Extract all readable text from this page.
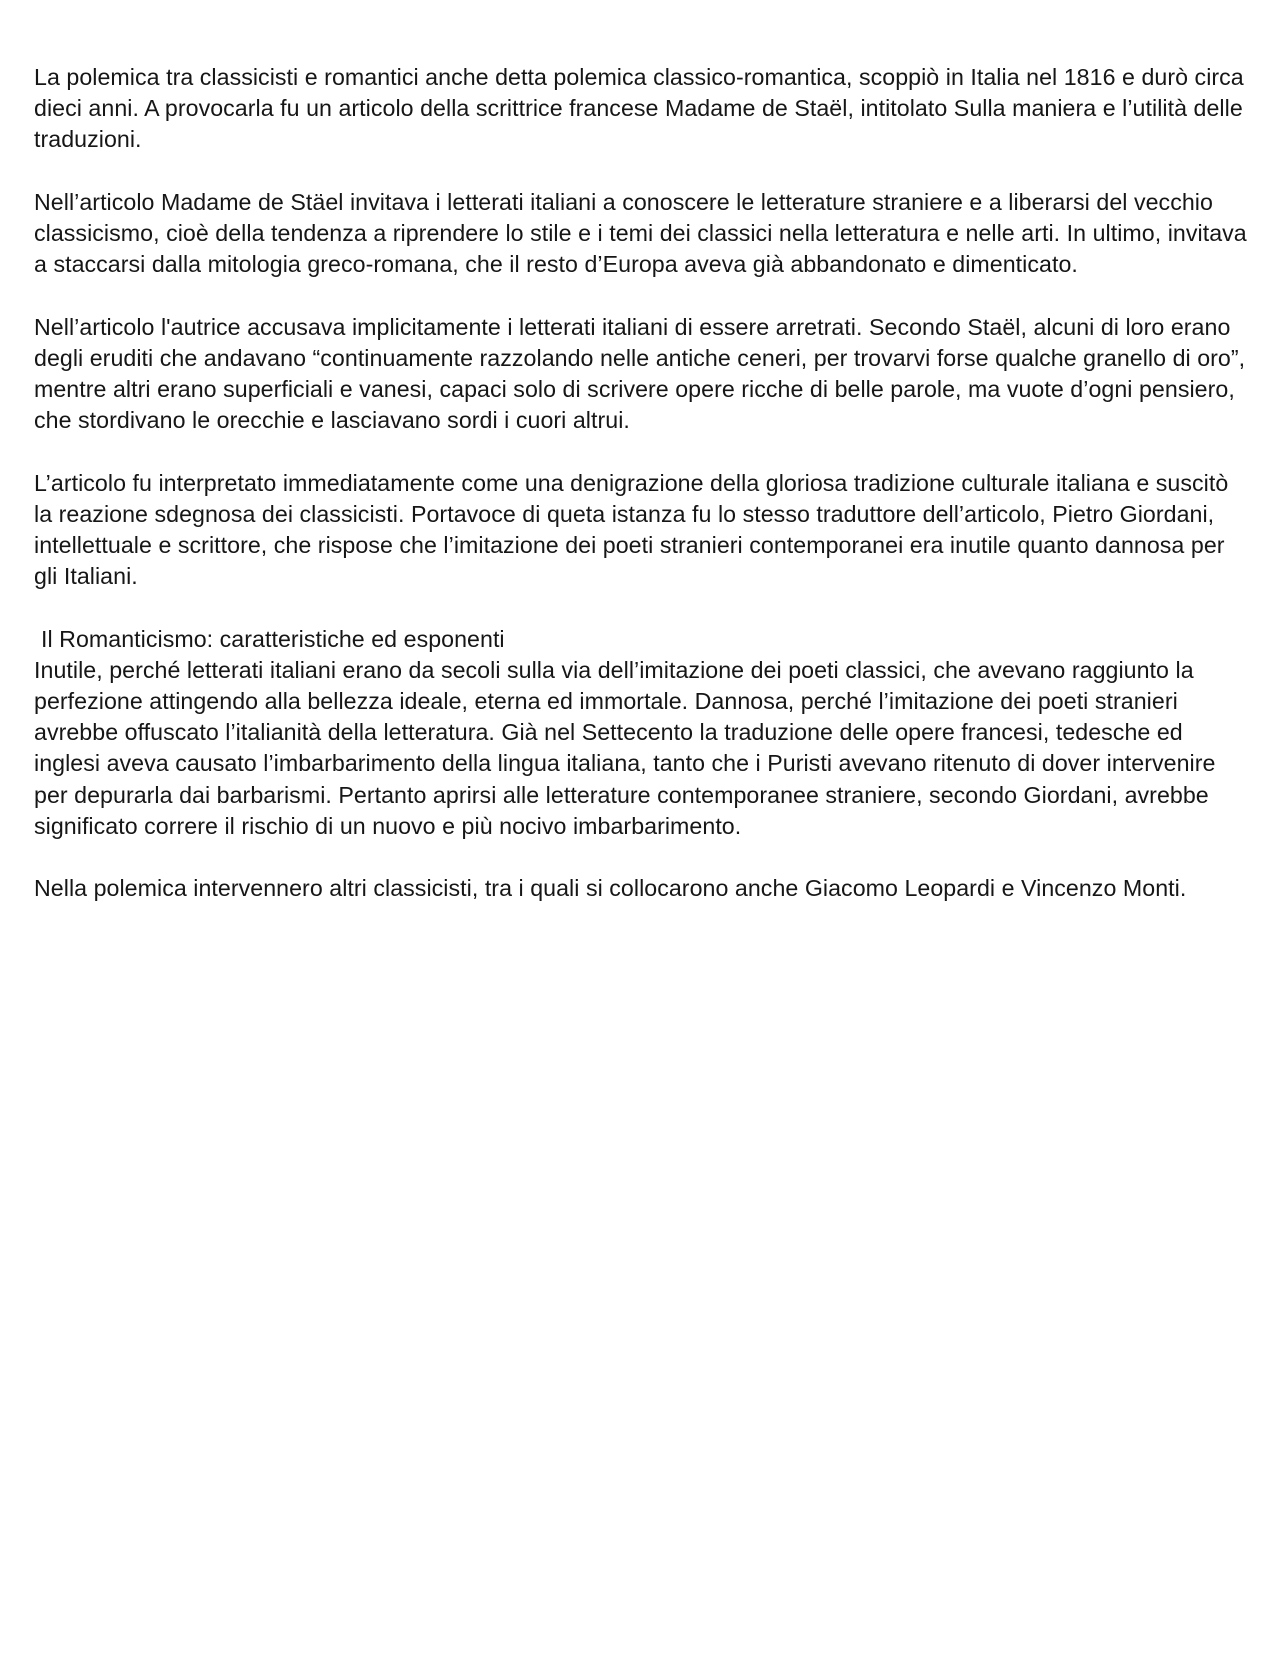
La polemica tra classicisti e romantici anche detta polemica classico-romantica, scoppiò in Italia nel 1816 e durò circa dieci anni. A provocarla fu un articolo della scrittrice francese Madame de Staël, intitolato Sulla maniera e l’utilità delle traduzioni.

Nell’articolo Madame de Stäel invitava i letterati italiani a conoscere le letterature straniere e a liberarsi del vecchio classicismo, cioè della tendenza a riprendere lo stile e i temi dei classici nella letteratura e nelle arti. In ultimo, invitava a staccarsi dalla mitologia greco-romana, che il resto d’Europa aveva già abbandonato e dimenticato.

Nell’articolo l'autrice accusava implicitamente i letterati italiani di essere arretrati. Secondo Staël, alcuni di loro erano degli eruditi che andavano “continuamente razzolando nelle antiche ceneri, per trovarvi forse qualche granello di oro”, mentre altri erano superficiali e vanesi, capaci solo di scrivere opere ricche di belle parole, ma vuote d’ogni pensiero, che stordivano le orecchie e lasciavano sordi i cuori altrui.

L’articolo fu interpretato immediatamente come una denigrazione della gloriosa tradizione culturale italiana e suscitò la reazione sdegnosa dei classicisti. Portavoce di queta istanza fu lo stesso traduttore dell’articolo, Pietro Giordani, intellettuale e scrittore, che rispose che l’imitazione dei poeti stranieri contemporanei era inutile quanto dannosa per gli Italiani.

Il Romanticismo: caratteristiche ed esponenti

Inutile, perché letterati italiani erano da secoli sulla via dell’imitazione dei poeti classici, che avevano raggiunto la perfezione attingendo alla bellezza ideale, eterna ed immortale. Dannosa, perché l’imitazione dei poeti stranieri avrebbe offuscato l’italianità della letteratura. Già nel Settecento la traduzione delle opere francesi, tedesche ed inglesi aveva causato l’imbarbarimento della lingua italiana, tanto che i Puristi avevano ritenuto di dover intervenire per depurarla dai barbarismi. Pertanto aprirsi alle letterature contemporanee straniere, secondo Giordani, avrebbe significato correre il rischio di un nuovo e più nocivo imbarbarimento.

Nella polemica intervennero altri classicisti, tra i quali si collocarono anche Giacomo Leopardi e Vincenzo Monti.
